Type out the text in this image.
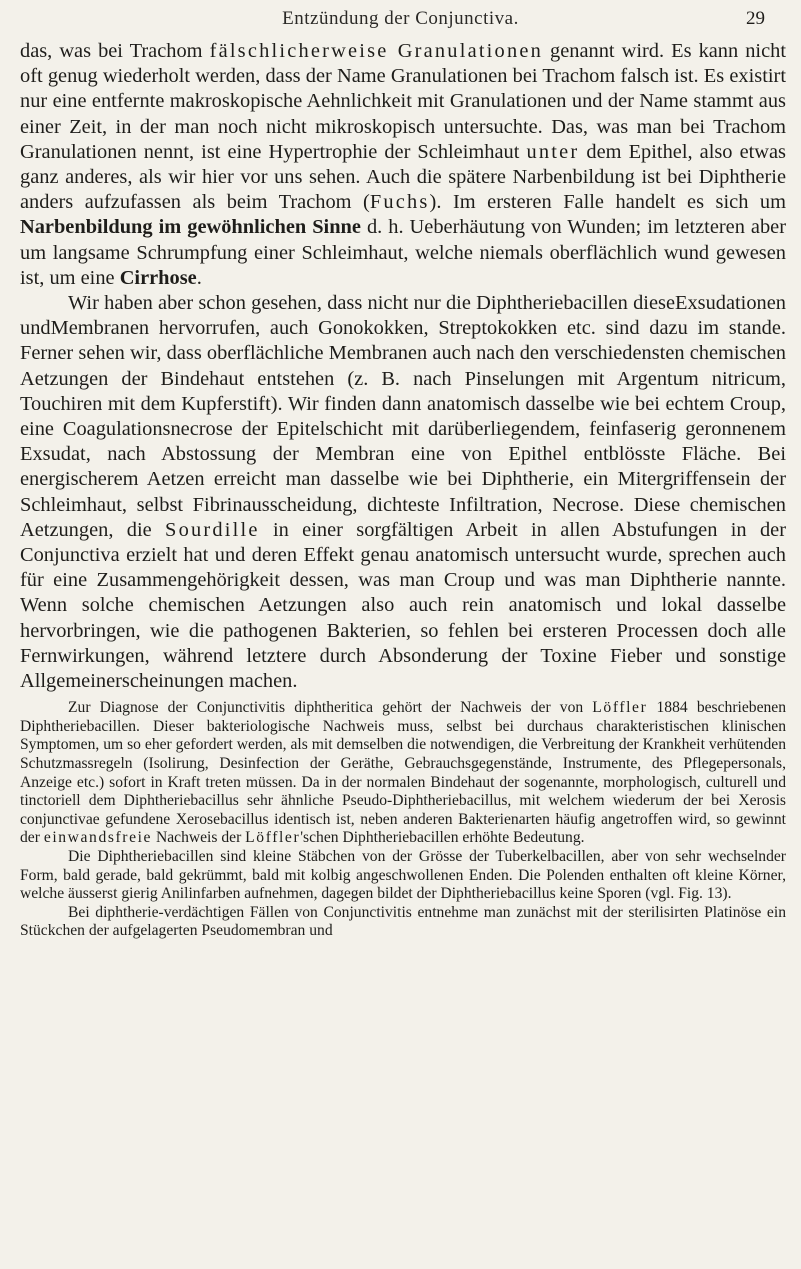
Entzündung der Conjunctiva.	29

das, was bei Trachom fälschlicherweise Granulationen genannt wird. Es kann nicht oft genug wiederholt werden, dass der Name Granulationen bei Trachom falsch ist. Es existirt nur eine entfernte makroskopische Aehnlichkeit mit Granulationen und der Name stammt aus einer Zeit, in der man noch nicht mikroskopisch untersuchte. Das, was man bei Trachom Granulationen nennt, ist eine Hypertrophie der Schleimhaut unter dem Epithel, also etwas ganz anderes, als wir hier vor uns sehen. Auch die spätere Narbenbildung ist bei Diphtherie anders aufzufassen als beim Trachom (Fuchs). Im ersteren Falle handelt es sich um Narbenbildung im gewöhnlichen Sinne d. h. Ueberhäutung von Wunden; im letzteren aber um langsame Schrumpfung einer Schleimhaut, welche niemals oberflächlich wund gewesen ist, um eine Cirrhose.

Wir haben aber schon gesehen, dass nicht nur die Diphtheriebacillen dieseExsudationen undMembranen hervorrufen, auch Gonokokken, Streptokokken etc. sind dazu im stande. Ferner sehen wir, dass oberflächliche Membranen auch nach den verschiedensten chemischen Aetzungen der Bindehaut entstehen (z. B. nach Pinselungen mit Argentum nitricum, Touchiren mit dem Kupferstift). Wir finden dann anatomisch dasselbe wie bei echtem Croup, eine Coagulationsnecrose der Epitelschicht mit darüberliegendem, feinfaserig geronnenem Exsudat, nach Abstossung der Membran eine von Epithel entblösste Fläche. Bei energischerem Aetzen erreicht man dasselbe wie bei Diphtherie, ein Mitergriffensein der Schleimhaut, selbst Fibrinausscheidung, dichteste Infiltration, Necrose. Diese chemischen Aetzungen, die Sourdille in einer sorgfältigen Arbeit in allen Abstufungen in der Conjunctiva erzielt hat und deren Effekt genau anatomisch untersucht wurde, sprechen auch für eine Zusammengehörigkeit dessen, was man Croup und was man Diphtherie nannte. Wenn solche chemischen Aetzungen also auch rein anatomisch und lokal dasselbe hervorbringen, wie die pathogenen Bakterien, so fehlen bei ersteren Processen doch alle Fernwirkungen, während letztere durch Absonderung der Toxine Fieber und sonstige Allgemeinerscheinungen machen.

Zur Diagnose der Conjunctivitis diphtheritica gehört der Nachweis der von Löffler 1884 beschriebenen Diphtheriebacillen. Dieser bakteriologische Nachweis muss, selbst bei durchaus charakteristischen klinischen Symptomen, um so eher gefordert werden, als mit demselben die notwendigen, die Verbreitung der Krankheit verhütenden Schutzmassregeln (Isolirung, Desinfection der Geräthe, Gebrauchsgegenstände, Instrumente, des Pflegepersonals, Anzeige etc.) sofort in Kraft treten müssen. Da in der normalen Bindehaut der sogenannte, morphologisch, culturell und tinctoriell dem Diphtheriebacillus sehr ähnliche Pseudo-Diphtheriebacillus, mit welchem wiederum der bei Xerosis conjunctivae gefundene Xerosebacillus identisch ist, neben anderen Bakterienarten häufig angetroffen wird, so gewinnt der einwandsfreie Nachweis der Löffler'schen Diphtheriebacillen erhöhte Bedeutung.

Die Diphtheriebacillen sind kleine Stäbchen von der Grösse der Tuberkelbacillen, aber von sehr wechselnder Form, bald gerade, bald gekrümmt, bald mit kolbig angeschwollenen Enden. Die Polenden enthalten oft kleine Körner, welche äusserst gierig Anilinfarben aufnehmen, dagegen bildet der Diphtheriebacillus keine Sporen (vgl. Fig. 13).

Bei diphtherie-verdächtigen Fällen von Conjunctivitis entnehme man zunächst mit der sterilisirten Platinöse ein Stückchen der aufgelagerten Pseudomembran und
